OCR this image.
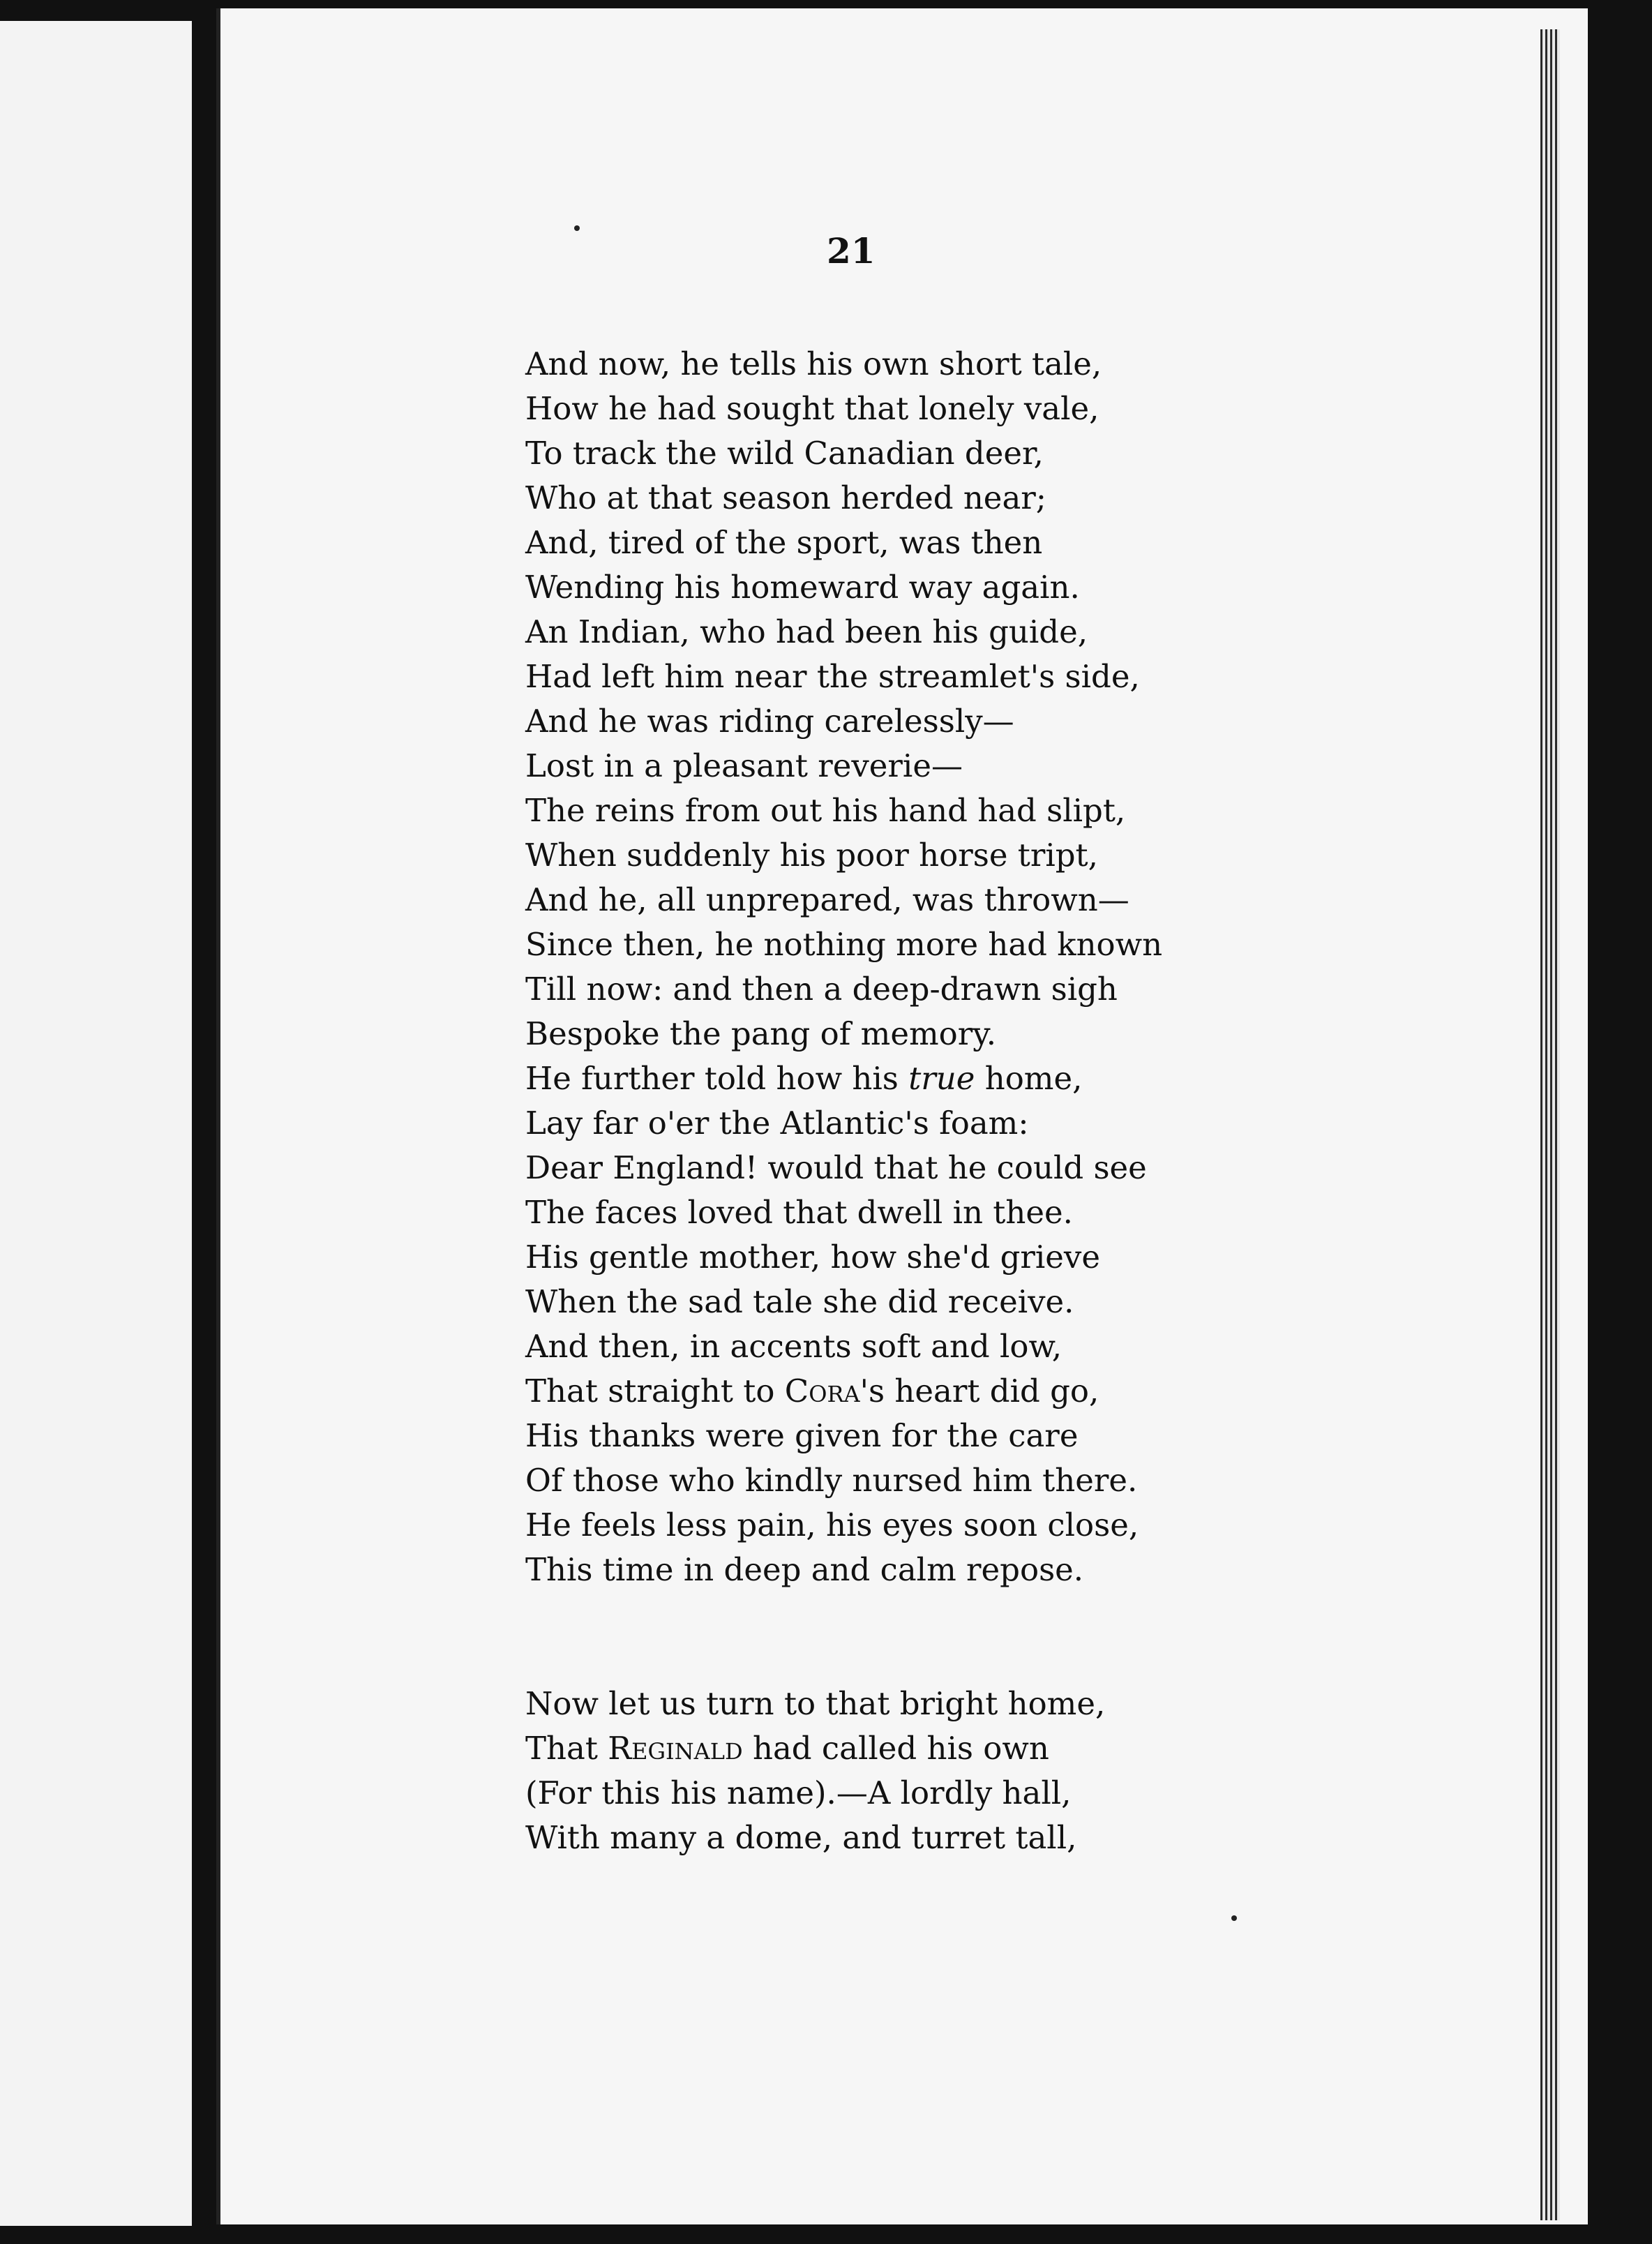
21
And now, he tells his own short tale,
How he had sought that lonely vale,
To track the wild Canadian deer,
Who at that season herded near;
And, tired of the sport, was then
Wending his homeward way again.
An Indian, who had been his guide,
Had left him near the streamlet's side,
And he was riding carelessly—
Lost in a pleasant reverie—
The reins from out his hand had slipt,
When suddenly his poor horse tript,
And he, all unprepared, was thrown—
Since then, he nothing more had known
Till now: and then a deep-drawn sigh
Bespoke the pang of memory.
He further told how his true home,
Lay far o'er the Atlantic's foam:
Dear England! would that he could see
The faces loved that dwell in thee.
His gentle mother, how she'd grieve
When the sad tale she did receive.
And then, in accents soft and low,
That straight to Cora's heart did go,
His thanks were given for the care
Of those who kindly nursed him there.
He feels less pain, his eyes soon close,
This time in deep and calm repose.
Now let us turn to that bright home,
That Reginald had called his own
(For this his name).—A lordly hall,
With many a dome, and turret tall,
